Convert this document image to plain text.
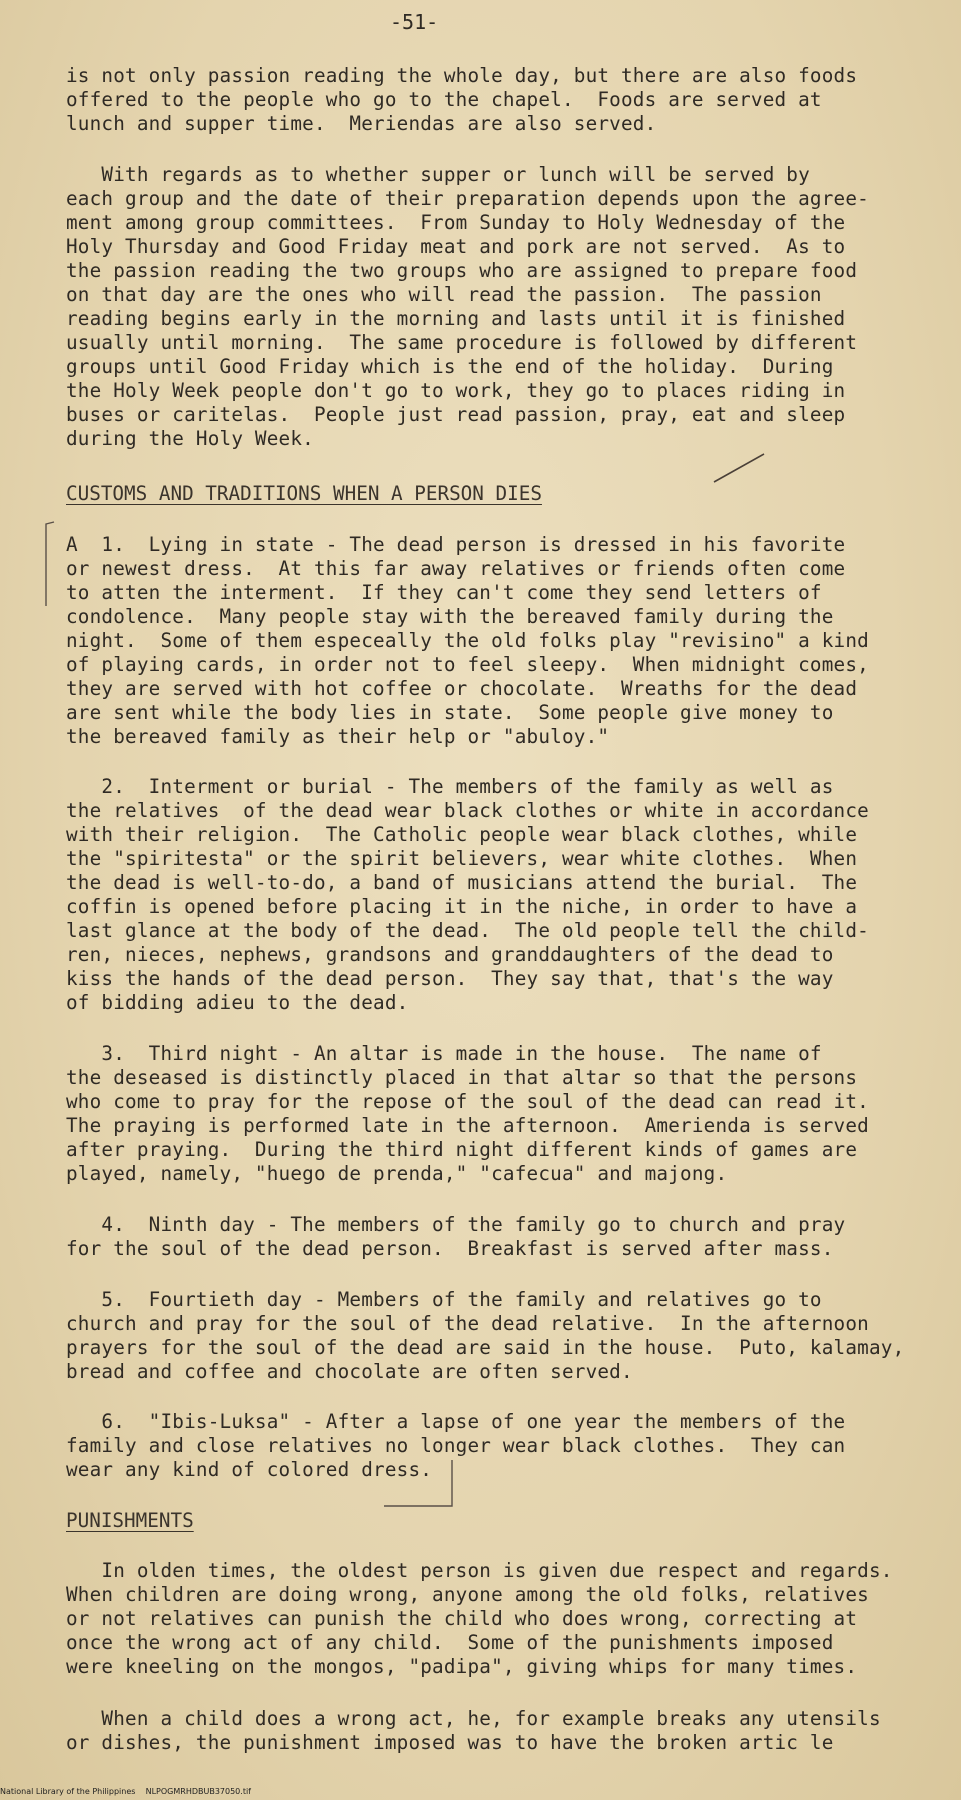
-51-
is not only passion reading the whole day, but there are also foods
offered to the people who go to the chapel.  Foods are served at
lunch and supper time.  Meriendas are also served.
With regards as to whether supper or lunch will be served by
each group and the date of their preparation depends upon the agree-
ment among group committees.  From Sunday to Holy Wednesday of the
Holy Thursday and Good Friday meat and pork are not served.  As to
the passion reading the two groups who are assigned to prepare food
on that day are the ones who will read the passion.  The passion
reading begins early in the morning and lasts until it is finished
usually until morning.  The same procedure is followed by different
groups until Good Friday which is the end of the holiday.  During
the Holy Week people don't go to work, they go to places riding in
buses or caritelas.  People just read passion, pray, eat and sleep
during the Holy Week.
CUSTOMS AND TRADITIONS WHEN A PERSON DIES
A  1.  Lying in state - The dead person is dressed in his favorite
or newest dress.  At this far away relatives or friends often come
to atten the interment.  If they can't come they send letters of
condolence.  Many people stay with the bereaved family during the
night.  Some of them especeally the old folks play "revisino" a kind
of playing cards, in order not to feel sleepy.  When midnight comes,
they are served with hot coffee or chocolate.  Wreaths for the dead
are sent while the body lies in state.  Some people give money to
the bereaved family as their help or "abuloy."
2.  Interment or burial - The members of the family as well as
the relatives  of the dead wear black clothes or white in accordance
with their religion.  The Catholic people wear black clothes, while
the "spiritesta" or the spirit believers, wear white clothes.  When
the dead is well-to-do, a band of musicians attend the burial.  The
coffin is opened before placing it in the niche, in order to have a
last glance at the body of the dead.  The old people tell the child-
ren, nieces, nephews, grandsons and granddaughters of the dead to
kiss the hands of the dead person.  They say that, that's the way
of bidding adieu to the dead.
3.  Third night - An altar is made in the house.  The name of
the deseased is distinctly placed in that altar so that the persons
who come to pray for the repose of the soul of the dead can read it.
The praying is performed late in the afternoon.  Amerienda is served
after praying.  During the third night different kinds of games are
played, namely, "huego de prenda," "cafecua" and majong.
4.  Ninth day - The members of the family go to church and pray
for the soul of the dead person.  Breakfast is served after mass.
5.  Fourtieth day - Members of the family and relatives go to
church and pray for the soul of the dead relative.  In the afternoon
prayers for the soul of the dead are said in the house.  Puto, kalamay,
bread and coffee and chocolate are often served.
6.  "Ibis-Luksa" - After a lapse of one year the members of the
family and close relatives no longer wear black clothes.  They can
wear any kind of colored dress.
PUNISHMENTS
In olden times, the oldest person is given due respect and regards.
When children are doing wrong, anyone among the old folks, relatives
or not relatives can punish the child who does wrong, correcting at
once the wrong act of any child.  Some of the punishments imposed
were kneeling on the mongos, "padipa", giving whips for many times.
When a child does a wrong act, he, for example breaks any utensils
or dishes, the punishment imposed was to have the broken artic le
National Library of the Philippines    NLPOGMRHDBUB37050.tif
